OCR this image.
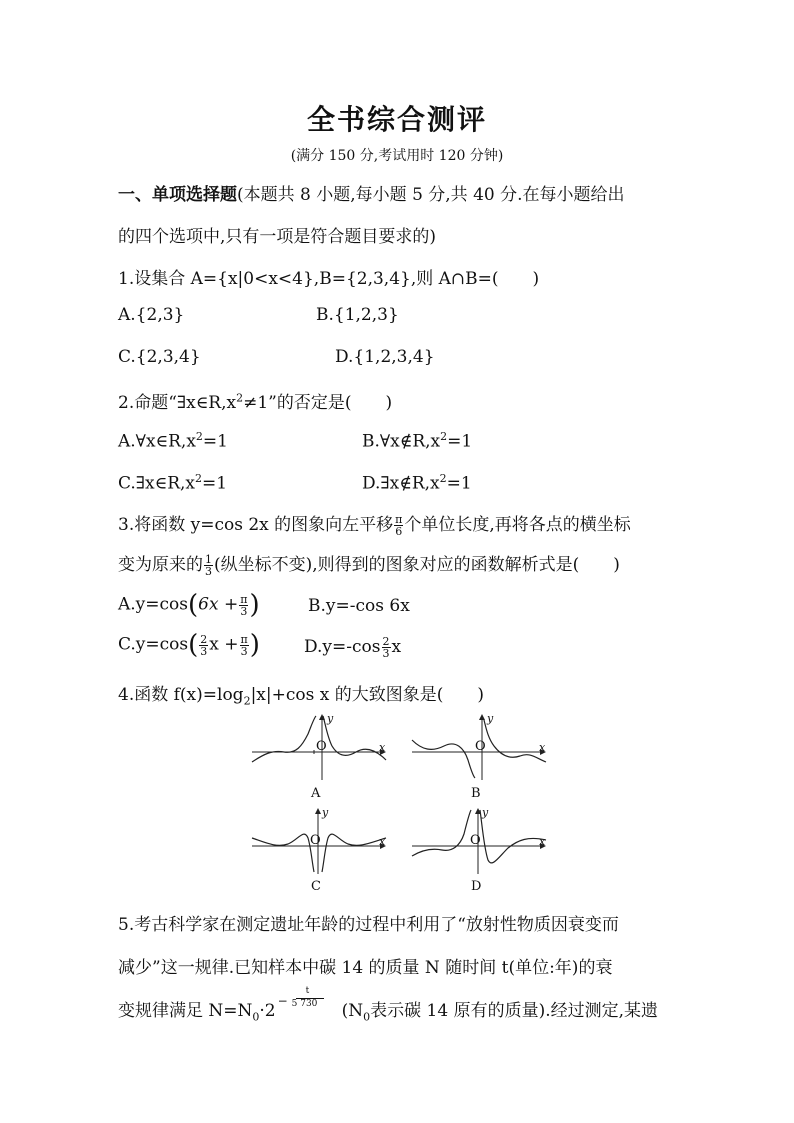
全书综合测评
(满分 150 分,考试用时 120 分钟)
一、单项选择题(本题共 8 小题,每小题 5 分,共 40 分.在每小题给出
的四个选项中,只有一项是符合题目要求的)
1.设集合 A={x|0<x<4},B={2,3,4},则 A∩B=(　　)
A.{2,3}	B.{1,2,3}
C.{2,3,4}	D.{1,2,3,4}
2.命题“$\exists x\in R,x^2\ne 1$”的否定是(　　)
$A.\forall x\in R,x^2=1$	$B.\forall x\notin R,x^2=1$
$C.\exists x\in R,x^2=1$	$D.\exists x\notin R,x^2=1$
3.将函数 y=cos 2x 的图象向左平移 $\frac{\pi}{6}$ 个单位长度,再将各点的横坐标
变为原来的 $\frac{1}{3}$ (纵坐标不变),则得到的图象对应的函数解析式是(　　)
$A.y=\cos(6x + \frac{\pi}{3}$ )	B.y=-cos 6x
$C.y=\cos( \frac{2}{3}$ $x + \frac{\pi}{3}$ )	$D.y=-\cos \frac{2}{3}$ x
4.函数 $f(x)=\log_2|x|+\cos$ x 的大致图象是(　　)
O	x
y
A
O	x
y
B
O	x
y
C
O	x
y
D
5.考古科学家在测定遗址年龄的过程中利用了“放射性物质因衰变而
减少”这一规律.已知样本中碳 14 的质量 N 随时间 t(单位:年)的衰
变规律满足 $N=N_0\cdot 2$ −
t
5 730 ($N_0$表示碳 14 原有的质量).经过测定,某遗
